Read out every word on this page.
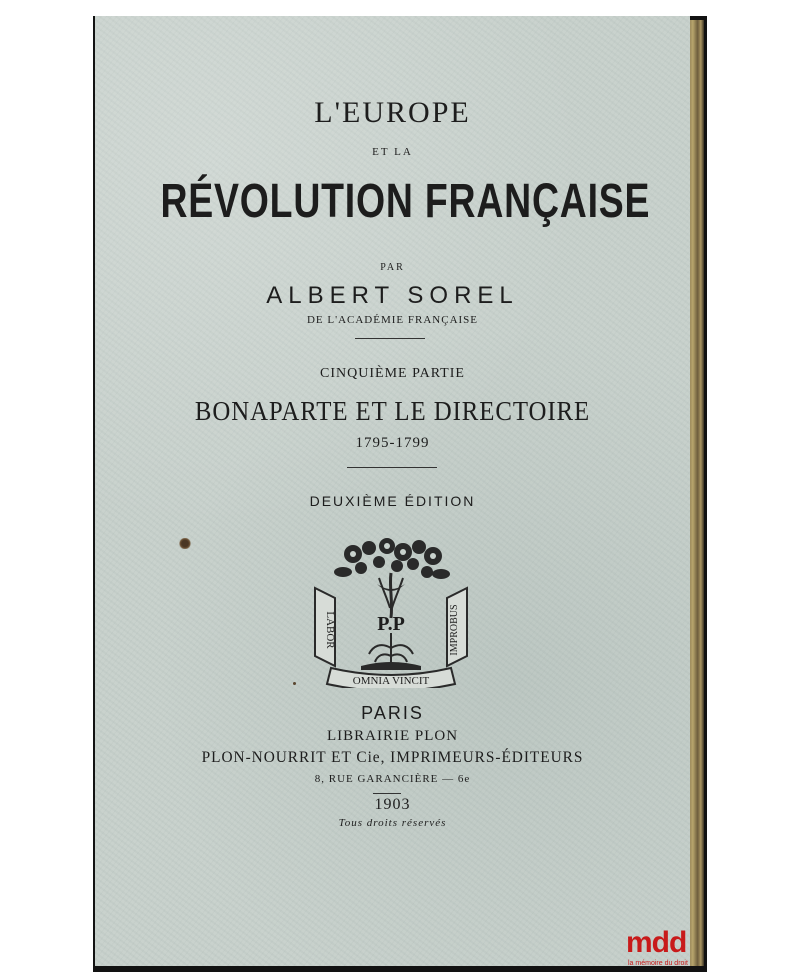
L'EUROPE
ET LA
RÉVOLUTION FRANÇAISE
PAR
ALBERT SOREL
DE L'ACADÉMIE FRANÇAISE
CINQUIÈME PARTIE
BONAPARTE ET LE DIRECTOIRE
1795-1799
DEUXIÈME ÉDITION
LABOR	IMPROBUS
P.P
OMNIA VINCIT
PARIS
LIBRAIRIE PLON
PLON-NOURRIT ET Cie, IMPRIMEURS-ÉDITEURS
8, RUE GARANCIÈRE — 6e
1903
Tous droits réservés
mdd
la mémoire du droit
